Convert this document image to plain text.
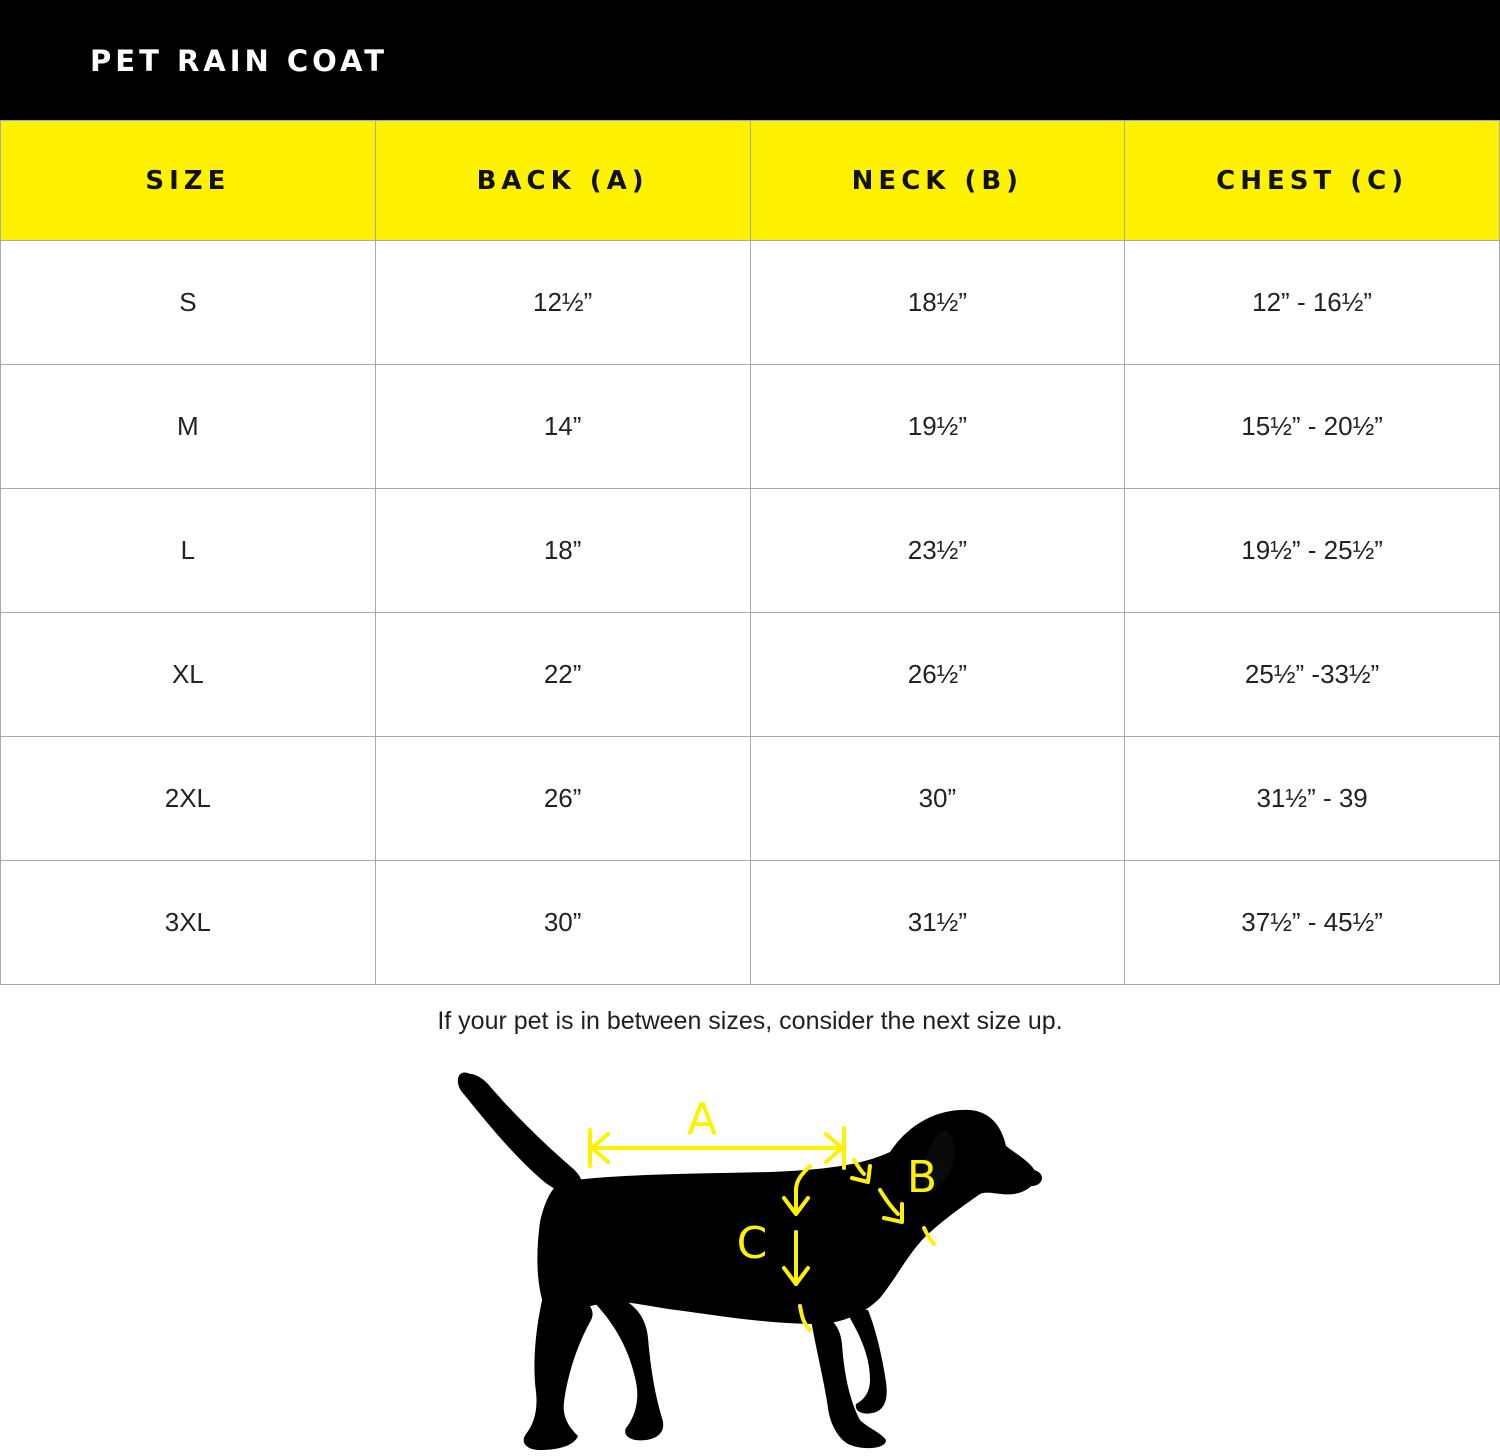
PET RAIN COAT
SIZE	BACK (A)	NECK (B)	CHEST (C)
S	12½”	18½”	12” - 16½”
M	14”	19½”	15½” - 20½”
L	18”	23½”	19½” - 25½”
XL	22”	26½”	25½” -33½”
2XL	26”	30”	31½” - 39
3XL	30”	31½”	37½” - 45½”
If your pet is in between sizes, consider the next size up.
A
B
C
